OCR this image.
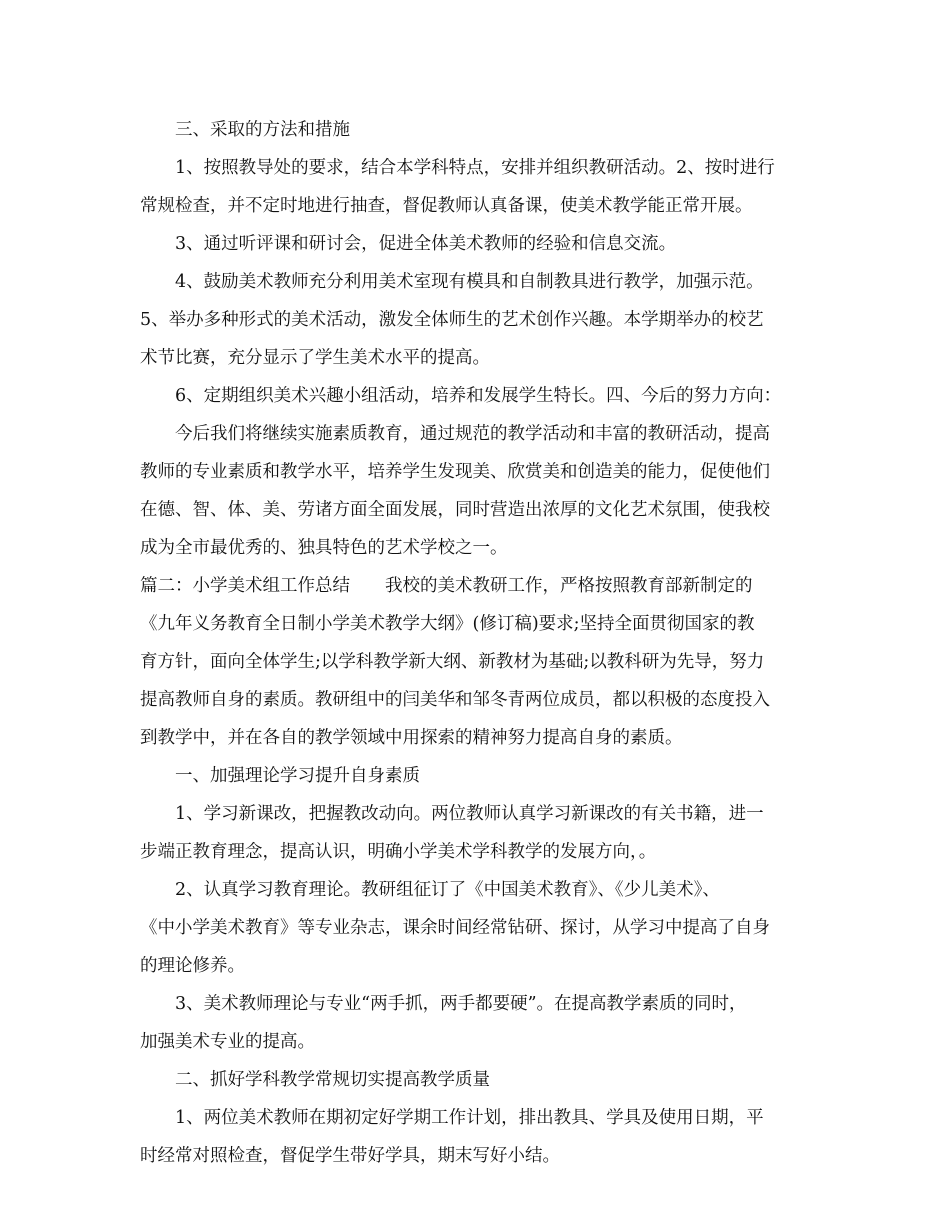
三、采取的方法和措施
1、按照教导处的要求，结合本学科特点，安排并组织教研活动。2、按时进行
常规检查，并不定时地进行抽查，督促教师认真备课，使美术教学能正常开展。
3、通过听评课和研讨会，促进全体美术教师的经验和信息交流。
4、鼓励美术教师充分利用美术室现有模具和自制教具进行教学，加强示范。
5、举办多种形式的美术活动，激发全体师生的艺术创作兴趣。本学期举办的校艺
术节比赛，充分显示了学生美术水平的提高。
6、定期组织美术兴趣小组活动，培养和发展学生特长。四、今后的努力方向：
今后我们将继续实施素质教育，通过规范的教学活动和丰富的教研活动，提高
教师的专业素质和教学水平，培养学生发现美、欣赏美和创造美的能力，促使他们
在德、智、体、美、劳诸方面全面发展，同时营造出浓厚的文化艺术氛围，使我校
成为全市最优秀的、独具特色的艺术学校之一。
篇二：小学美术组工作总结　　我校的美术教研工作，严格按照教育部新制定的
《九年义务教育全日制小学美术教学大纲》(修订稿)要求;坚持全面贯彻国家的教
育方针，面向全体学生;以学科教学新大纲、新教材为基础;以教科研为先导，努力
提高教师自身的素质。教研组中的闫美华和邹冬青两位成员，都以积极的态度投入
到教学中，并在各自的教学领域中用探索的精神努力提高自身的素质。
一、加强理论学习提升自身素质
1、学习新课改，把握教改动向。两位教师认真学习新课改的有关书籍，进一
步端正教育理念，提高认识，明确小学美术学科教学的发展方向，。
2、认真学习教育理论。教研组征订了《中国美术教育》、《少儿美术》、
《中小学美术教育》等专业杂志，课余时间经常钻研、探讨，从学习中提高了自身
的理论修养。
3、美术教师理论与专业“两手抓，两手都要硬”。在提高教学素质的同时，
加强美术专业的提高。
二、抓好学科教学常规切实提高教学质量
1、两位美术教师在期初定好学期工作计划，排出教具、学具及使用日期，平
时经常对照检查，督促学生带好学具，期末写好小结。
